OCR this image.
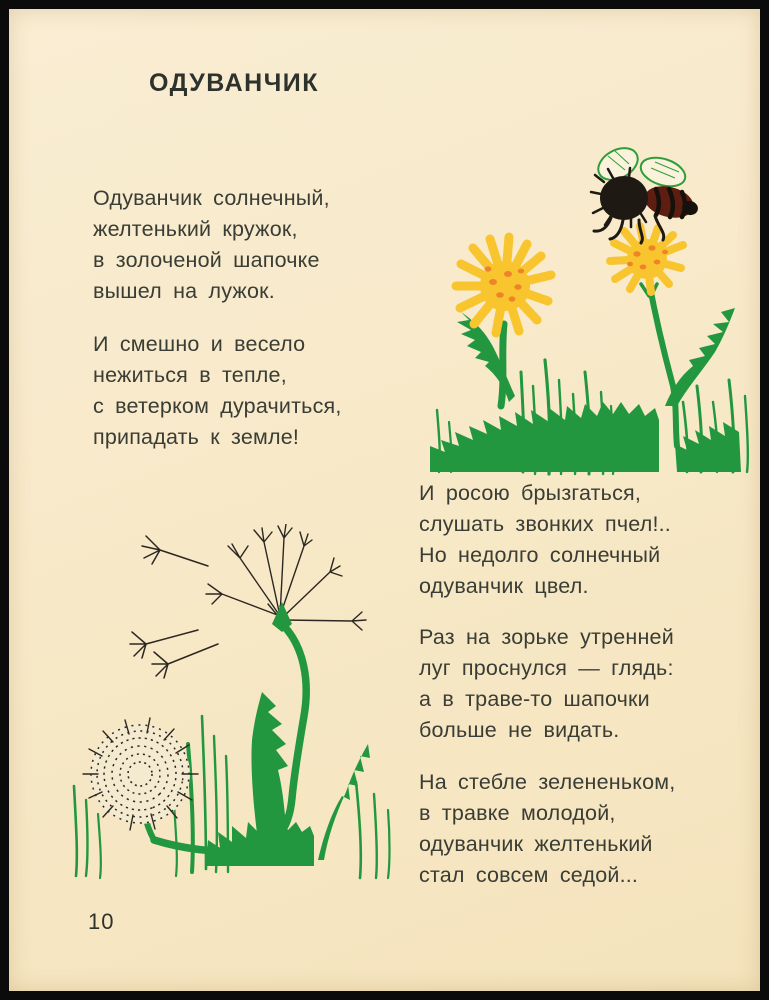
ОДУВАНЧИК
Одуванчик солнечный,
желтенький кружок,
в золоченой шапочке
вышел на лужок.
И смешно и весело
нежиться в тепле,
с ветерком дурачиться,
припадать к земле!
И росою брызгаться,
слушать звонких пчел!..
Но недолго солнечный
одуванчик цвел.
Раз на зорьке утренней
луг проснулся — глядь:
а в траве-то шапочки
больше не видать.
На стебле зелененьком,
в травке молодой,
одуванчик желтенький
стал совсем седой...
10
